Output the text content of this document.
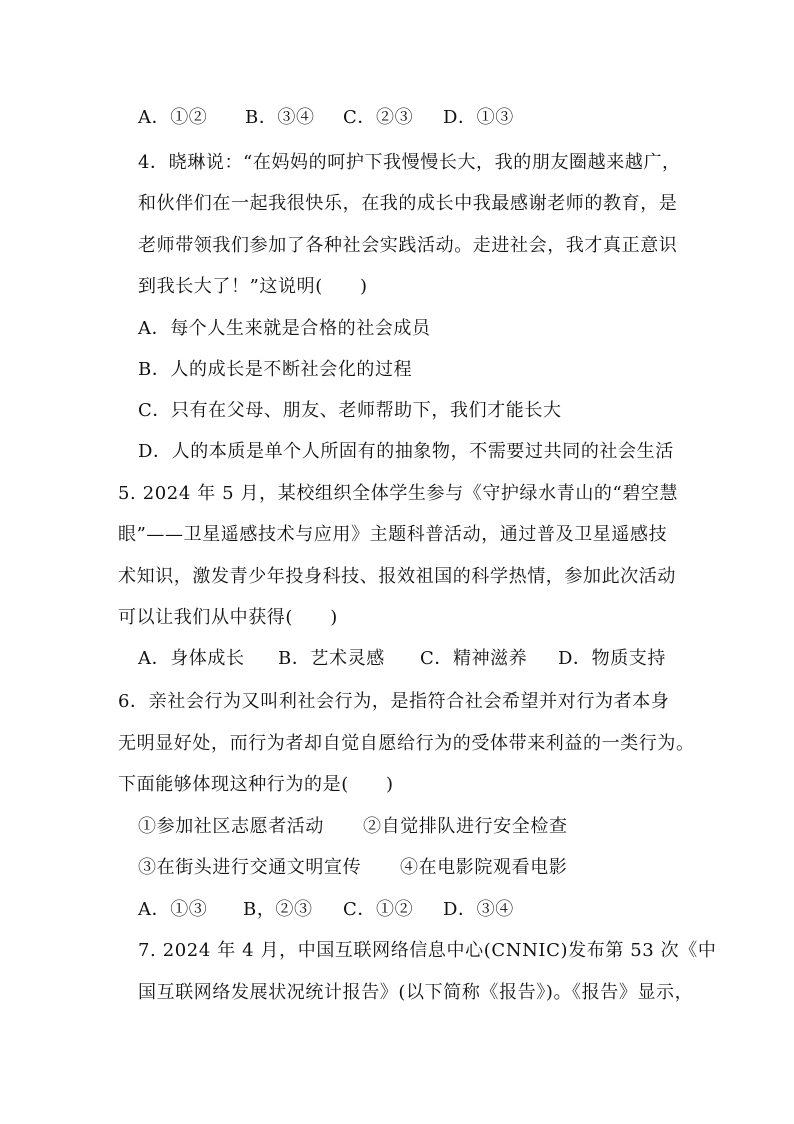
A．①② B．③④ C．②③ D．①③
4．晓琳说：“在妈妈的呵护下我慢慢长大，我的朋友圈越来越广，
和伙伴们在一起我很快乐，在我的成长中我最感谢老师的教育，是
老师带领我们参加了各种社会实践活动。走进社会，我才真正意识
到我长大了！”这说明(　　)
A．每个人生来就是合格的社会成员
B．人的成长是不断社会化的过程
C．只有在父母、朋友、老师帮助下，我们才能长大
D．人的本质是单个人所固有的抽象物，不需要过共同的社会生活
5. 2024 年 5 月，某校组织全体学生参与《守护绿水青山的“碧空慧
眼”——卫星遥感技术与应用》主题科普活动，通过普及卫星遥感技
术知识，激发青少年投身科技、报效祖国的科学热情，参加此次活动
可以让我们从中获得(　　)
A．身体成长 B．艺术灵感 C．精神滋养 D．物质支持
6．亲社会行为又叫利社会行为，是指符合社会希望并对行为者本身
无明显好处，而行为者却自觉自愿给行为的受体带来利益的一类行为。
下面能够体现这种行为的是(　　)
①参加社区志愿者活动 ②自觉排队进行安全检查
③在街头进行交通文明宣传 ④在电影院观看电影
A．①③ B，②③ C．①② D．③④
7. 2024 年 4 月，中国互联网络信息中心(CNNIC)发布第 53 次《中
国互联网络发展状况统计报告》(以下简称《报告》)。《报告》显示，
